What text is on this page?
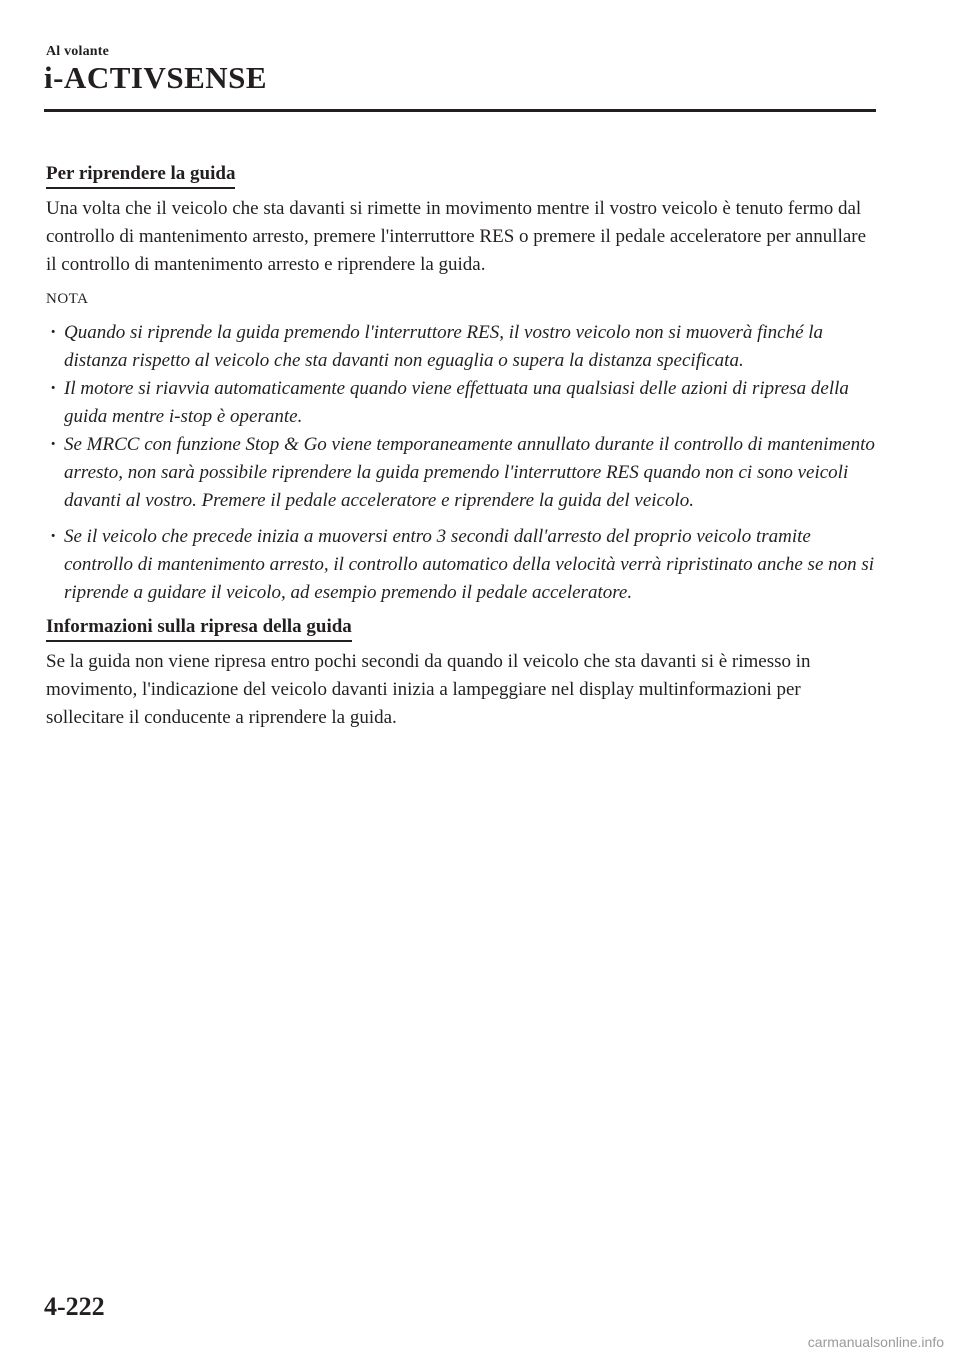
Al volante
i-ACTIVSENSE
Per riprendere la guida

Una volta che il veicolo che sta davanti si rimette in movimento mentre il vostro veicolo è tenuto fermo dal controllo di mantenimento arresto, premere l'interruttore RES o premere il pedale acceleratore per annullare il controllo di mantenimento arresto e riprendere la guida.

NOTA
· Quando si riprende la guida premendo l'interruttore RES, il vostro veicolo non si muoverà finché la distanza rispetto al veicolo che sta davanti non eguaglia o supera la distanza specificata.
· Il motore si riavvia automaticamente quando viene effettuata una qualsiasi delle azioni di ripresa della guida mentre i-stop è operante.
· Se MRCC con funzione Stop & Go viene temporaneamente annullato durante il controllo di mantenimento arresto, non sarà possibile riprendere la guida premendo l'interruttore RES quando non ci sono veicoli davanti al vostro. Premere il pedale acceleratore e riprendere la guida del veicolo.
· Se il veicolo che precede inizia a muoversi entro 3 secondi dall'arresto del proprio veicolo tramite controllo di mantenimento arresto, il controllo automatico della velocità verrà ripristinato anche se non si riprende a guidare il veicolo, ad esempio premendo il pedale acceleratore.
Informazioni sulla ripresa della guida

Se la guida non viene ripresa entro pochi secondi da quando il veicolo che sta davanti si è rimesso in movimento, l'indicazione del veicolo davanti inizia a lampeggiare nel display multinformazioni per sollecitare il conducente a riprendere la guida.

4-222
carmanualsonline.info
